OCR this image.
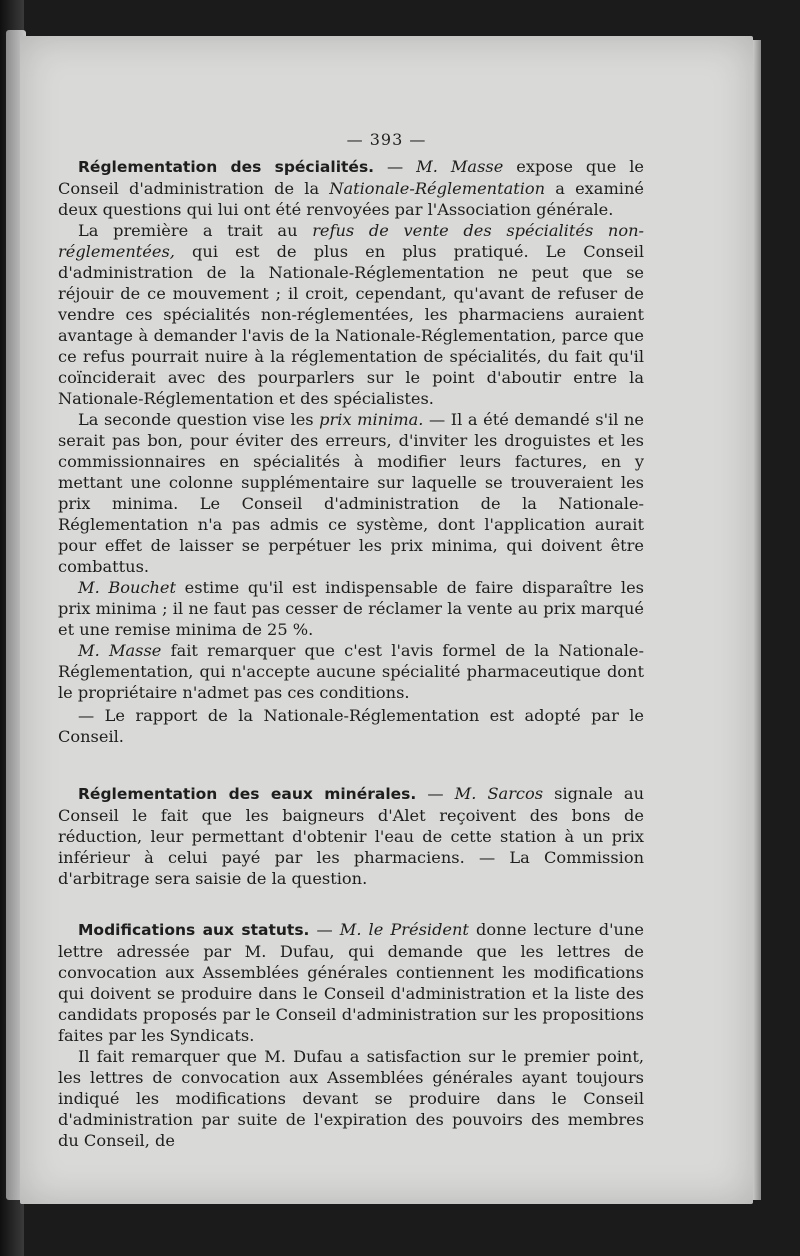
— 393 —

Réglementation des spécialités. — M. Masse expose que le Conseil d'administration de la Nationale-Réglementation a examiné deux questions qui lui ont été renvoyées par l'Association générale.

La première a trait au refus de vente des spécialités non-réglementées, qui est de plus en plus pratiqué. Le Conseil d'administration de la Nationale-Réglementation ne peut que se réjouir de ce mouvement ; il croit, cependant, qu'avant de refuser de vendre ces spécialités non-réglementées, les pharmaciens auraient avantage à demander l'avis de la Nationale-Réglementation, parce que ce refus pourrait nuire à la réglementation de spécialités, du fait qu'il coïnciderait avec des pourparlers sur le point d'aboutir entre la Nationale-Réglementation et des spécialistes.

La seconde question vise les prix minima. — Il a été demandé s'il ne serait pas bon, pour éviter des erreurs, d'inviter les droguistes et les commissionnaires en spécialités à modifier leurs factures, en y mettant une colonne supplémentaire sur laquelle se trouveraient les prix minima. Le Conseil d'administration de la Nationale-Réglementation n'a pas admis ce système, dont l'application aurait pour effet de laisser se perpétuer les prix minima, qui doivent être combattus.

M. Bouchet estime qu'il est indispensable de faire disparaître les prix minima ; il ne faut pas cesser de réclamer la vente au prix marqué et une remise minima de 25 %.

M. Masse fait remarquer que c'est l'avis formel de la Nationale-Réglementation, qui n'accepte aucune spécialité pharmaceutique dont le propriétaire n'admet pas ces conditions.

— Le rapport de la Nationale-Réglementation est adopté par le Conseil.

Réglementation des eaux minérales. — M. Sarcos signale au Conseil le fait que les baigneurs d'Alet reçoivent des bons de réduction, leur permettant d'obtenir l'eau de cette station à un prix inférieur à celui payé par les pharmaciens. — La Commission d'arbitrage sera saisie de la question.

Modifications aux statuts. — M. le Président donne lecture d'une lettre adressée par M. Dufau, qui demande que les lettres de convocation aux Assemblées générales contiennent les modifications qui doivent se produire dans le Conseil d'administration et la liste des candidats proposés par le Conseil d'administration sur les propositions faites par les Syndicats.

Il fait remarquer que M. Dufau a satisfaction sur le premier point, les lettres de convocation aux Assemblées générales ayant toujours indiqué les modifications devant se produire dans le Conseil d'administration par suite de l'expiration des pouvoirs des membres du Conseil, de
